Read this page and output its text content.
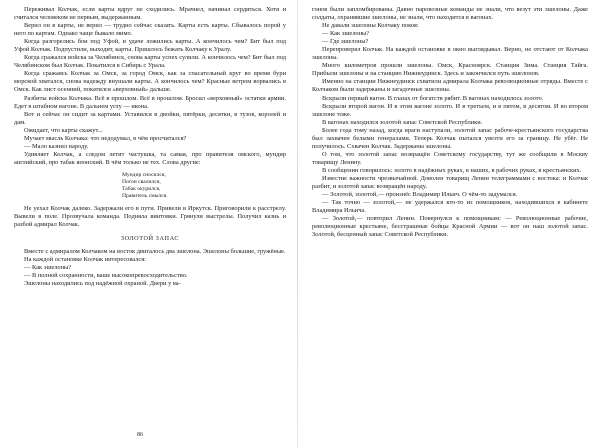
Переживал Колчак, если карты вдруг не сходились. Мрачнел, начинал сердиться. Хотя и считался человеком не первым, выдержанным.

Верил он в карты, не верил — трудно сейчас сказать. Карты есть карты. Сбывалось порой у него по картам. Однако чаще бывало мимо.

Когда разгорелись бои под Уфой, и удаче ложились карты. А кончилось чем? Бит был под Уфой Колчак. Подпустили, выходит, карты. Пришлось бежать Колчаку к Уралу.

Когда сражался войска за Челябинск, снова карты успех сулили. А кончилось чем? Бит был под Челябинском был Колчак. Покатился в Сибирь с Урала.

Когда сражаясь Колчак за Омск, за город Омск, как за спасательный круг во время бури морской хватался, снова надежду внушали карты. А кончилось чем? Красные ветром ворвались в Омск. Как лист осенний, покатился «верховный» дальше.

Разбиты войска Колчака. Всё в прошлом. Всё в прошлом. Бросил «верховный» остатки армии. Едет в штабном вагоне. В дальнем углу — икона.

Вот и сейчас он сидит за картами. Уставился в двойки, пятёрки, десятки, в тузов, королей и дам.

Ожидает, что карты скажут...

Мучает мысль Колчака: что недодумал, в чём просчитался?

— Мало казнил народу.

Удивляет Колчак, а следом летит частушка, та самая, про правителя омского, мундир английский, про табак японский. В чём только не тех. Слова другие:

Мундир сносился,
Погон свалился,
Табак окурился,
Правитель смылся.

Не уехал Колчак далеко. Задержали его в пути. Привели в Иркутск. Приговорили к расстрелу. Вывели в поле. Прозвучала команда. Подняла винтовки. Грянули выстрелы. Получил казнь и разбой адмирал Колчак.

ЗОЛОТОЙ ЗАПАС

Вместе с адмиралом Колчаком на восток двигалось два эшелона. Эшелоны большие, гружёные.

На каждой остановке Колчак интересовался:

— Как эшелоны?

— В полной сохранности, ваше высокопревосходительство.

Эшелоны находились под надёжной охраной. Двери у ва-

86

гонов были запломбированы. Давно паровозные команды не знали, что везут эти эшелоны. Даже солдаты, охранявшие эшелоны, не знали, что находится в вагонах.

Не давали эшелоны Колчаку покоя:

— Как эшелоны?

— Где эшелоны?

Перепроверял Колчак. На каждой остановке в окно выглядывал. Верно, не отстают от Колчака эшелоны.

Много километров прошли эшелоны. Омск, Красноярск. Станция Зима. Станция Тайга. Прибыли эшелоны и на станцию Нижнеудинск. Здесь и закончился путь эшелонов.

Именно на станции Нижнеудинск схватили адмирала Колчака революционные отряды. Вместе с Колчаком были задержаны и загадочные эшелоны.

Вскрыли первый вагон. В глазах от богатств рябит. В вагонах находилось золото.

Вскрыли второй вагон. И в этом вагоне золото. И в третьем, и в пятом, в десятом. И во втором эшелоне тоже.

В вагонах находился золотой запас Советской Республики.

Более года тому назад, когда враги наступали, золотой запас рабоче-крестьянского государства был захвачен белыми генералами. Теперь Колчак пытался увезти его за границу. Не убёг. Не получилось. Схвачен Колчак. Задержаны эшелоны.

О том, что золотой запас возвращён Советскому государству, тут же сообщили в Москву товарищу Ленину.

В сообщении говорилось: золото в надёжных руках, в наших, в рабочих руках, в крестьянских.

Известие важности чрезвычайной. Доволен товарищ Ленин телеграммами с востока: и Колчак разбит, и золотой запас возвращён народу.

— Золотой, золотой,— произнёс Владимир Ильич. О чём-то задумался.

— Так точно — золотой,— не удержался кто-то из помощников, находившихся в кабинете Владимира Ильича.

— Золотой,— повторил Ленин. Повернулся к помощникам: — Революционные рабочие, революционные крестьяне, бесстрашные бойцы Красной Армии — вот он наш золотой запас. Золотой, бесценный запас Советской Республики.
